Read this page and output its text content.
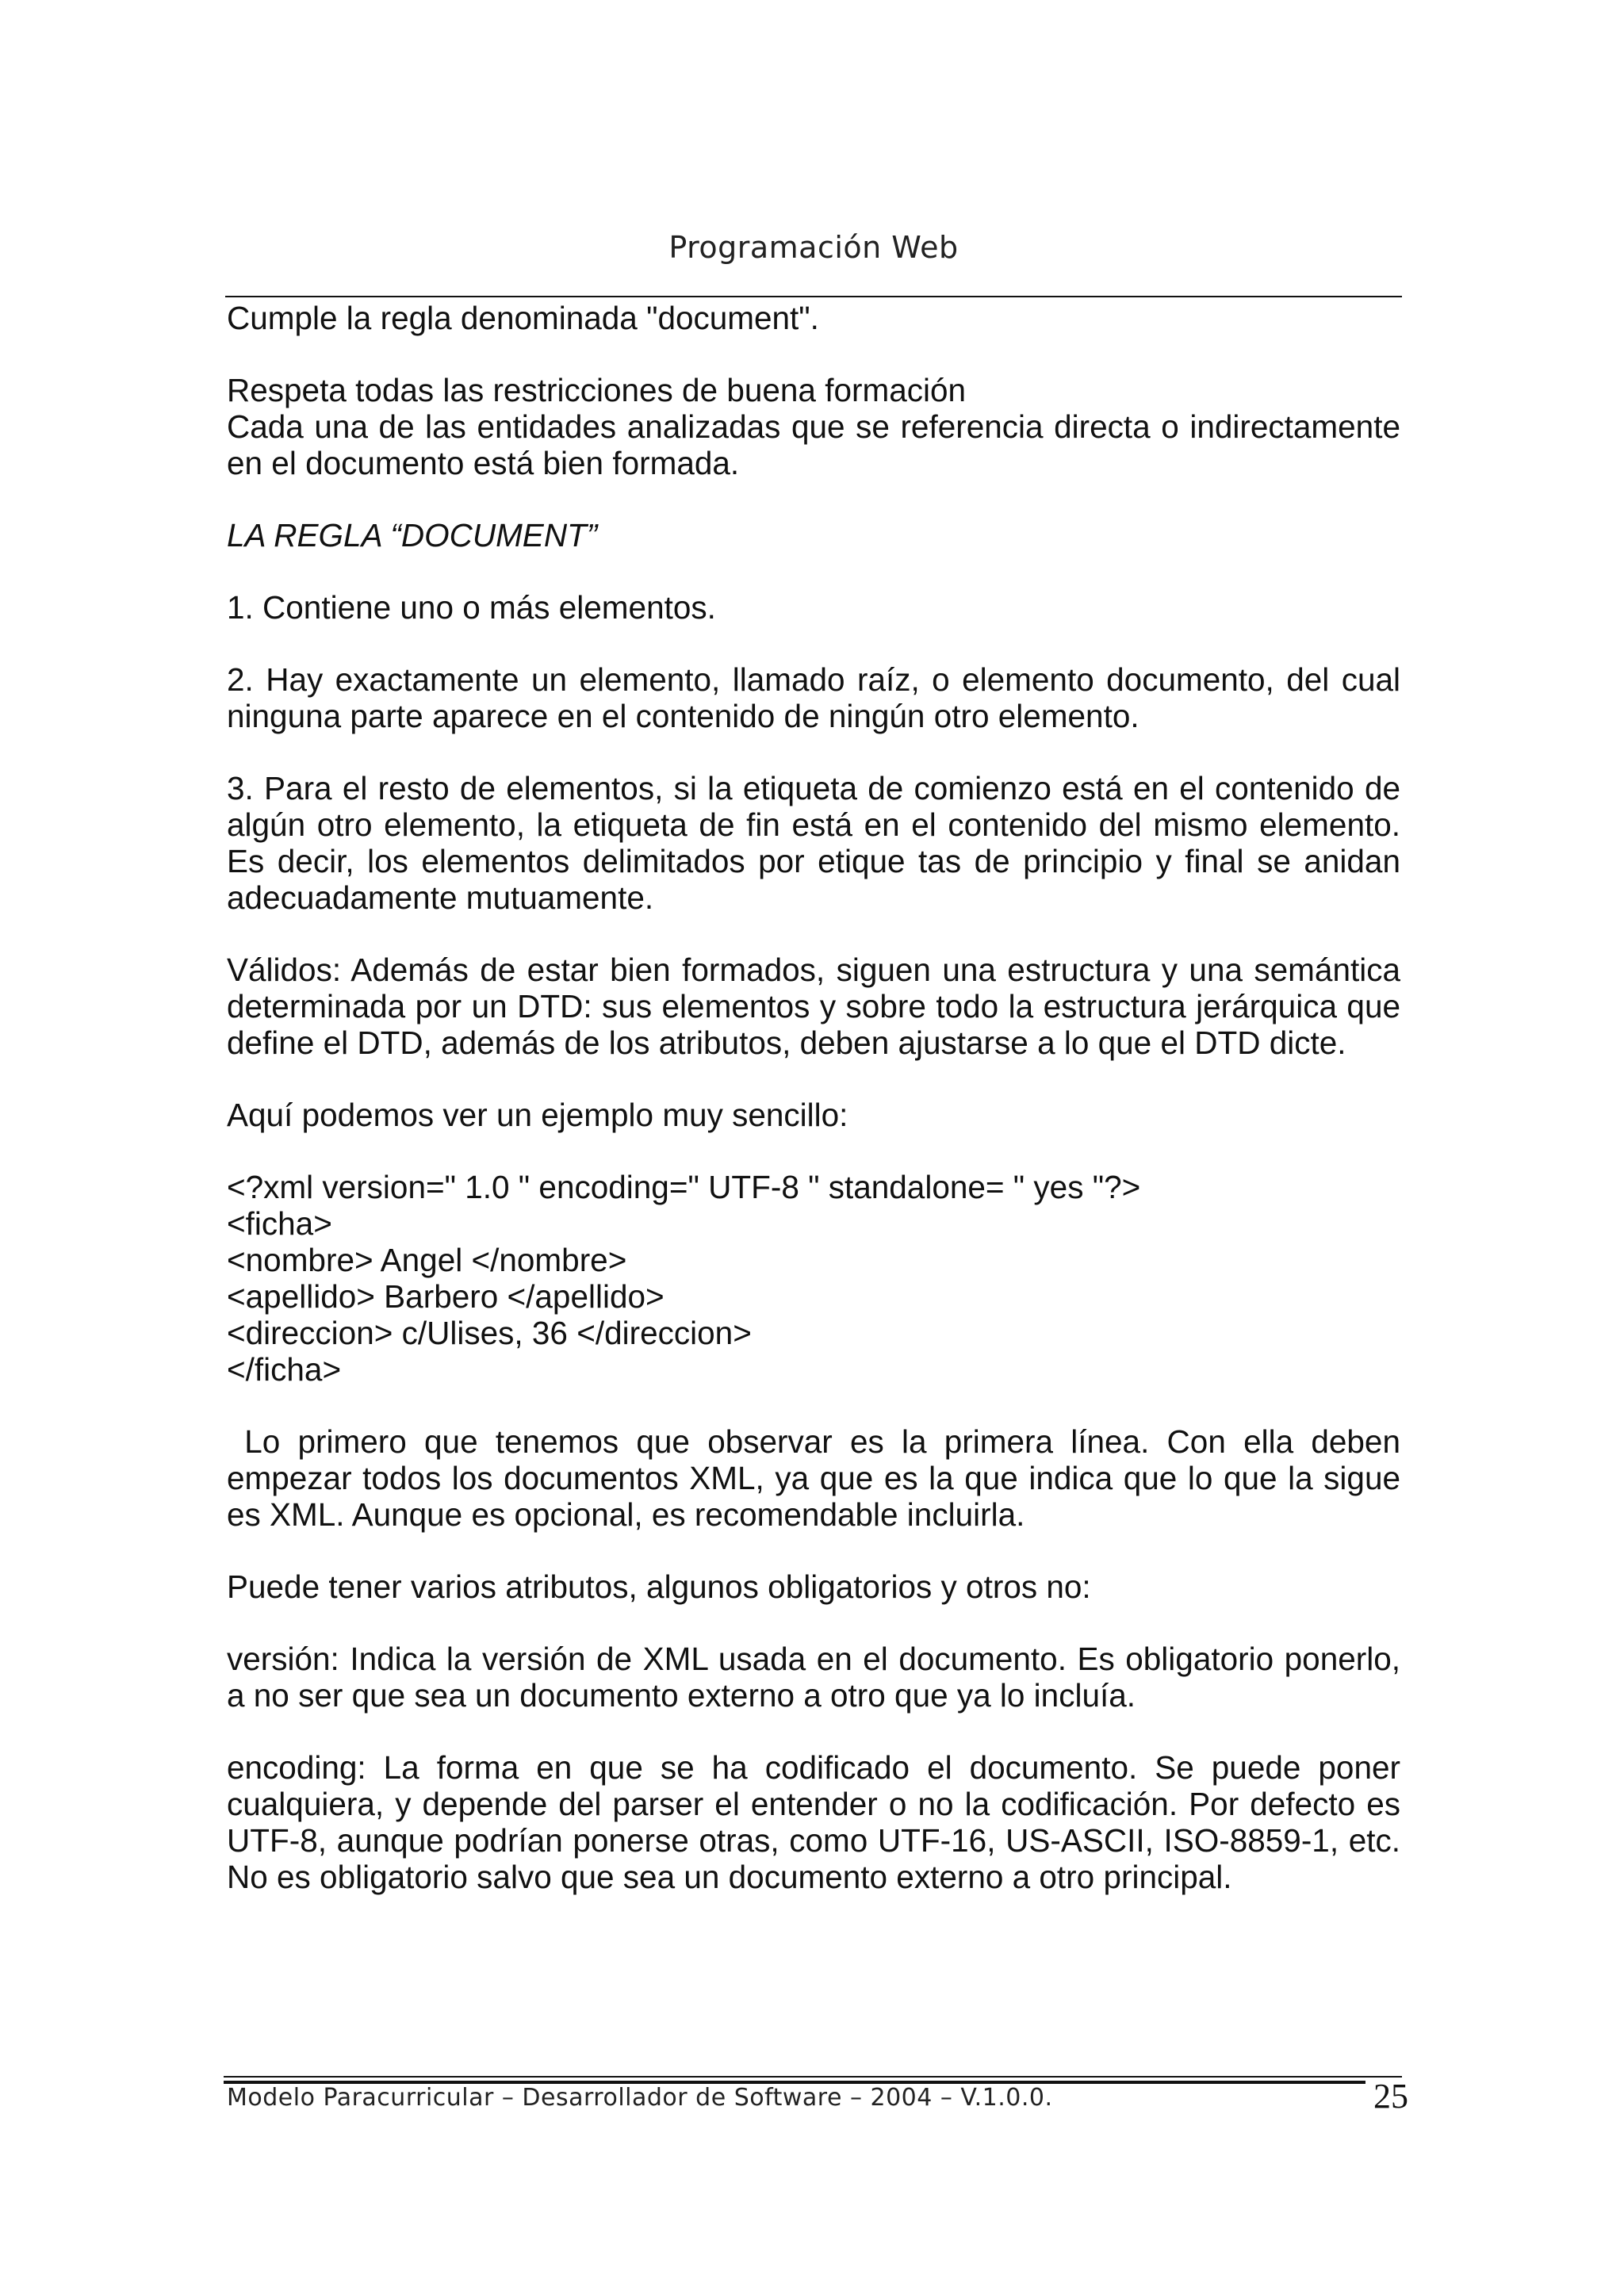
Programación Web

Cumple la regla denominada "document".

Respeta todas las restricciones de buena formación

Cada una de las entidades analizadas que se referencia directa o indirectamente en el documento está bien formada.

LA REGLA “DOCUMENT”

1. Contiene uno o más elementos.

2. Hay exactamente un elemento, llamado raíz, o elemento documento, del cual ninguna parte aparece en el contenido de ningún otro elemento.

3. Para el resto de elementos, si la etiqueta de comienzo está en el contenido de algún otro elemento, la etiqueta de fin está en el contenido del mismo elemento. Es decir, los elementos delimitados por etique tas de principio y final se anidan adecuadamente mutuamente.

Válidos: Además de estar bien formados, siguen una estructura y una semántica determinada por un DTD: sus elementos y sobre todo la estructura jerárquica que define el DTD, además de los atributos, deben ajustarse a lo que el DTD dicte.

Aquí podemos ver un ejemplo muy sencillo:

<?xml version=" 1.0 " encoding=" UTF-8 " standalone= " yes "?>

<ficha>

<nombre> Angel </nombre>

<apellido> Barbero </apellido>

<direccion> c/Ulises, 36 </direccion>

</ficha>

Lo primero que tenemos que observar es la primera línea. Con ella deben empezar todos los documentos XML, ya que es la que indica que lo que la sigue es XML. Aunque es opcional, es recomendable incluirla.

Puede tener varios atributos, algunos obligatorios y otros no:

versión: Indica la versión de XML usada en el documento. Es obligatorio ponerlo, a no ser que sea un documento externo a otro que ya lo incluía.

encoding: La forma en que se ha codificado el documento. Se puede poner cualquiera, y depende del parser el entender o no la codificación. Por defecto es UTF-8, aunque podrían ponerse otras, como UTF-16, US-ASCII, ISO-8859-1, etc. No es obligatorio salvo que sea un documento externo a otro principal.

Modelo Paracurricular – Desarrollador de Software – 2004 – V.1.0.0.	25
